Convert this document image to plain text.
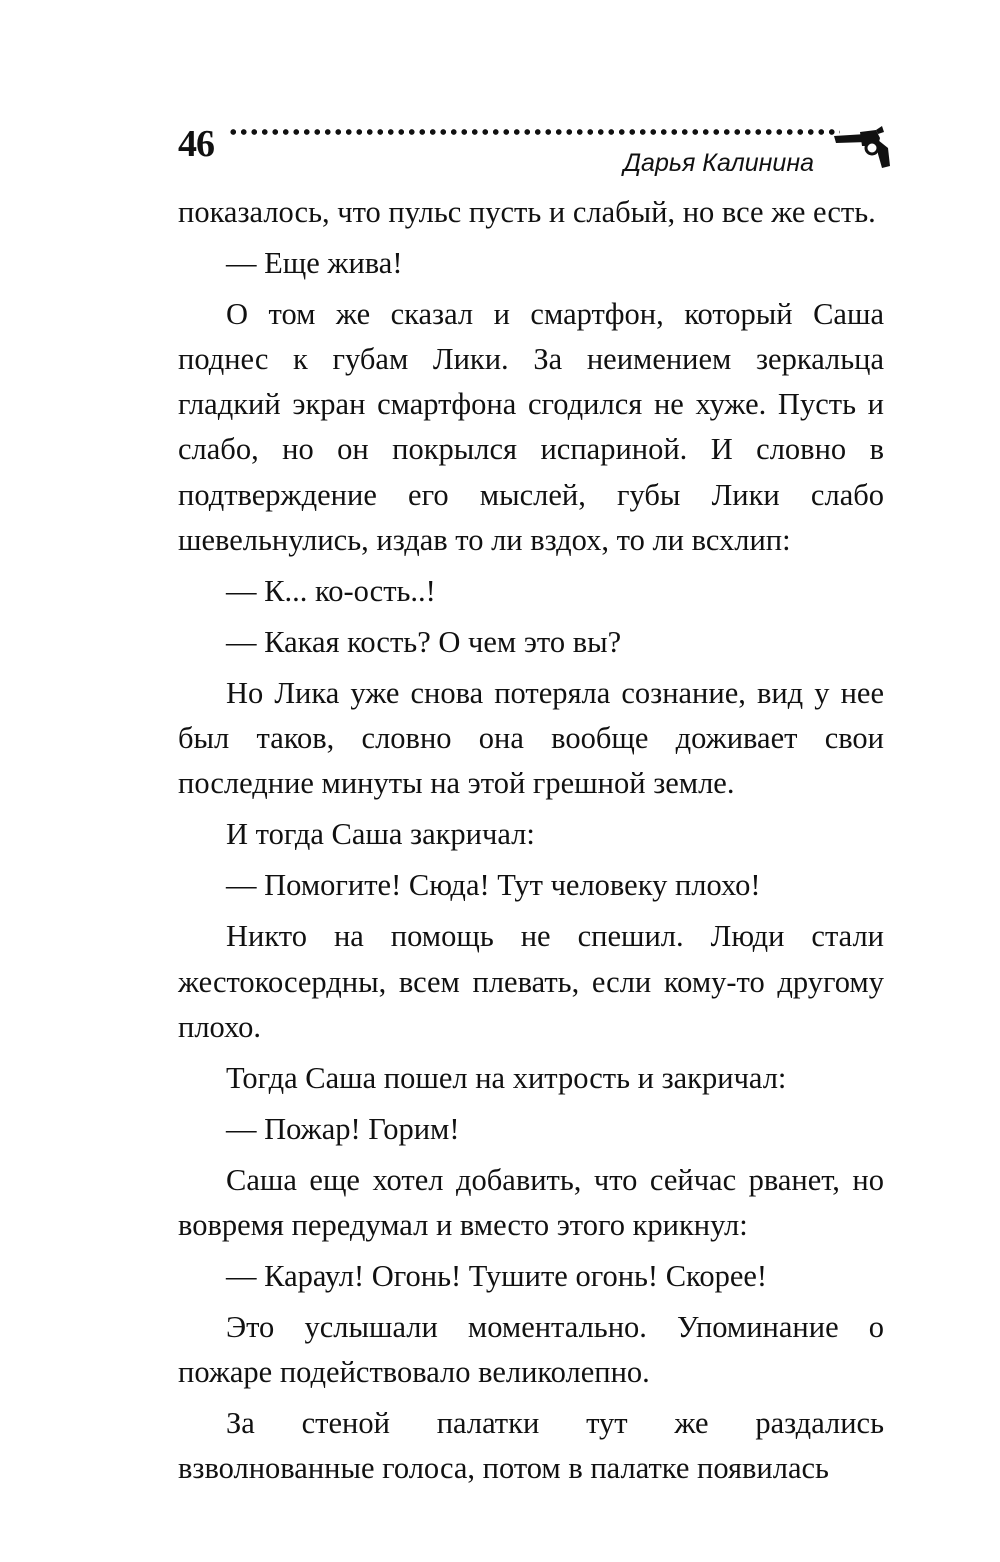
46	Дарья Калинина

показалось, что пульс пусть и слабый, но все же есть.

— Еще жива!

О том же сказал и смартфон, который Саша поднес к губам Лики. За неимением зеркальца гладкий экран смартфона сгодился не хуже. Пусть и слабо, но он покрылся испариной. И словно в подтверждение его мыслей, губы Лики слабо шевельнулись, издав то ли вздох, то ли всхлип:

— К... ко-ость..!

— Какая кость? О чем это вы?

Но Лика уже снова потеряла сознание, вид у нее был таков, словно она вообще доживает свои последние минуты на этой грешной земле.

И тогда Саша закричал:

— Помогите! Сюда! Тут человеку плохо!

Никто на помощь не спешил. Люди стали жестокосердны, всем плевать, если кому-то другому плохо.

Тогда Саша пошел на хитрость и закричал:

— Пожар! Горим!

Саша еще хотел добавить, что сейчас рванет, но вовремя передумал и вместо этого крикнул:

— Караул! Огонь! Тушите огонь! Скорее!

Это услышали моментально. Упоминание о пожаре подействовало великолепно.

За стеной палатки тут же раздались взволнованные голоса, потом в палатке появилась
